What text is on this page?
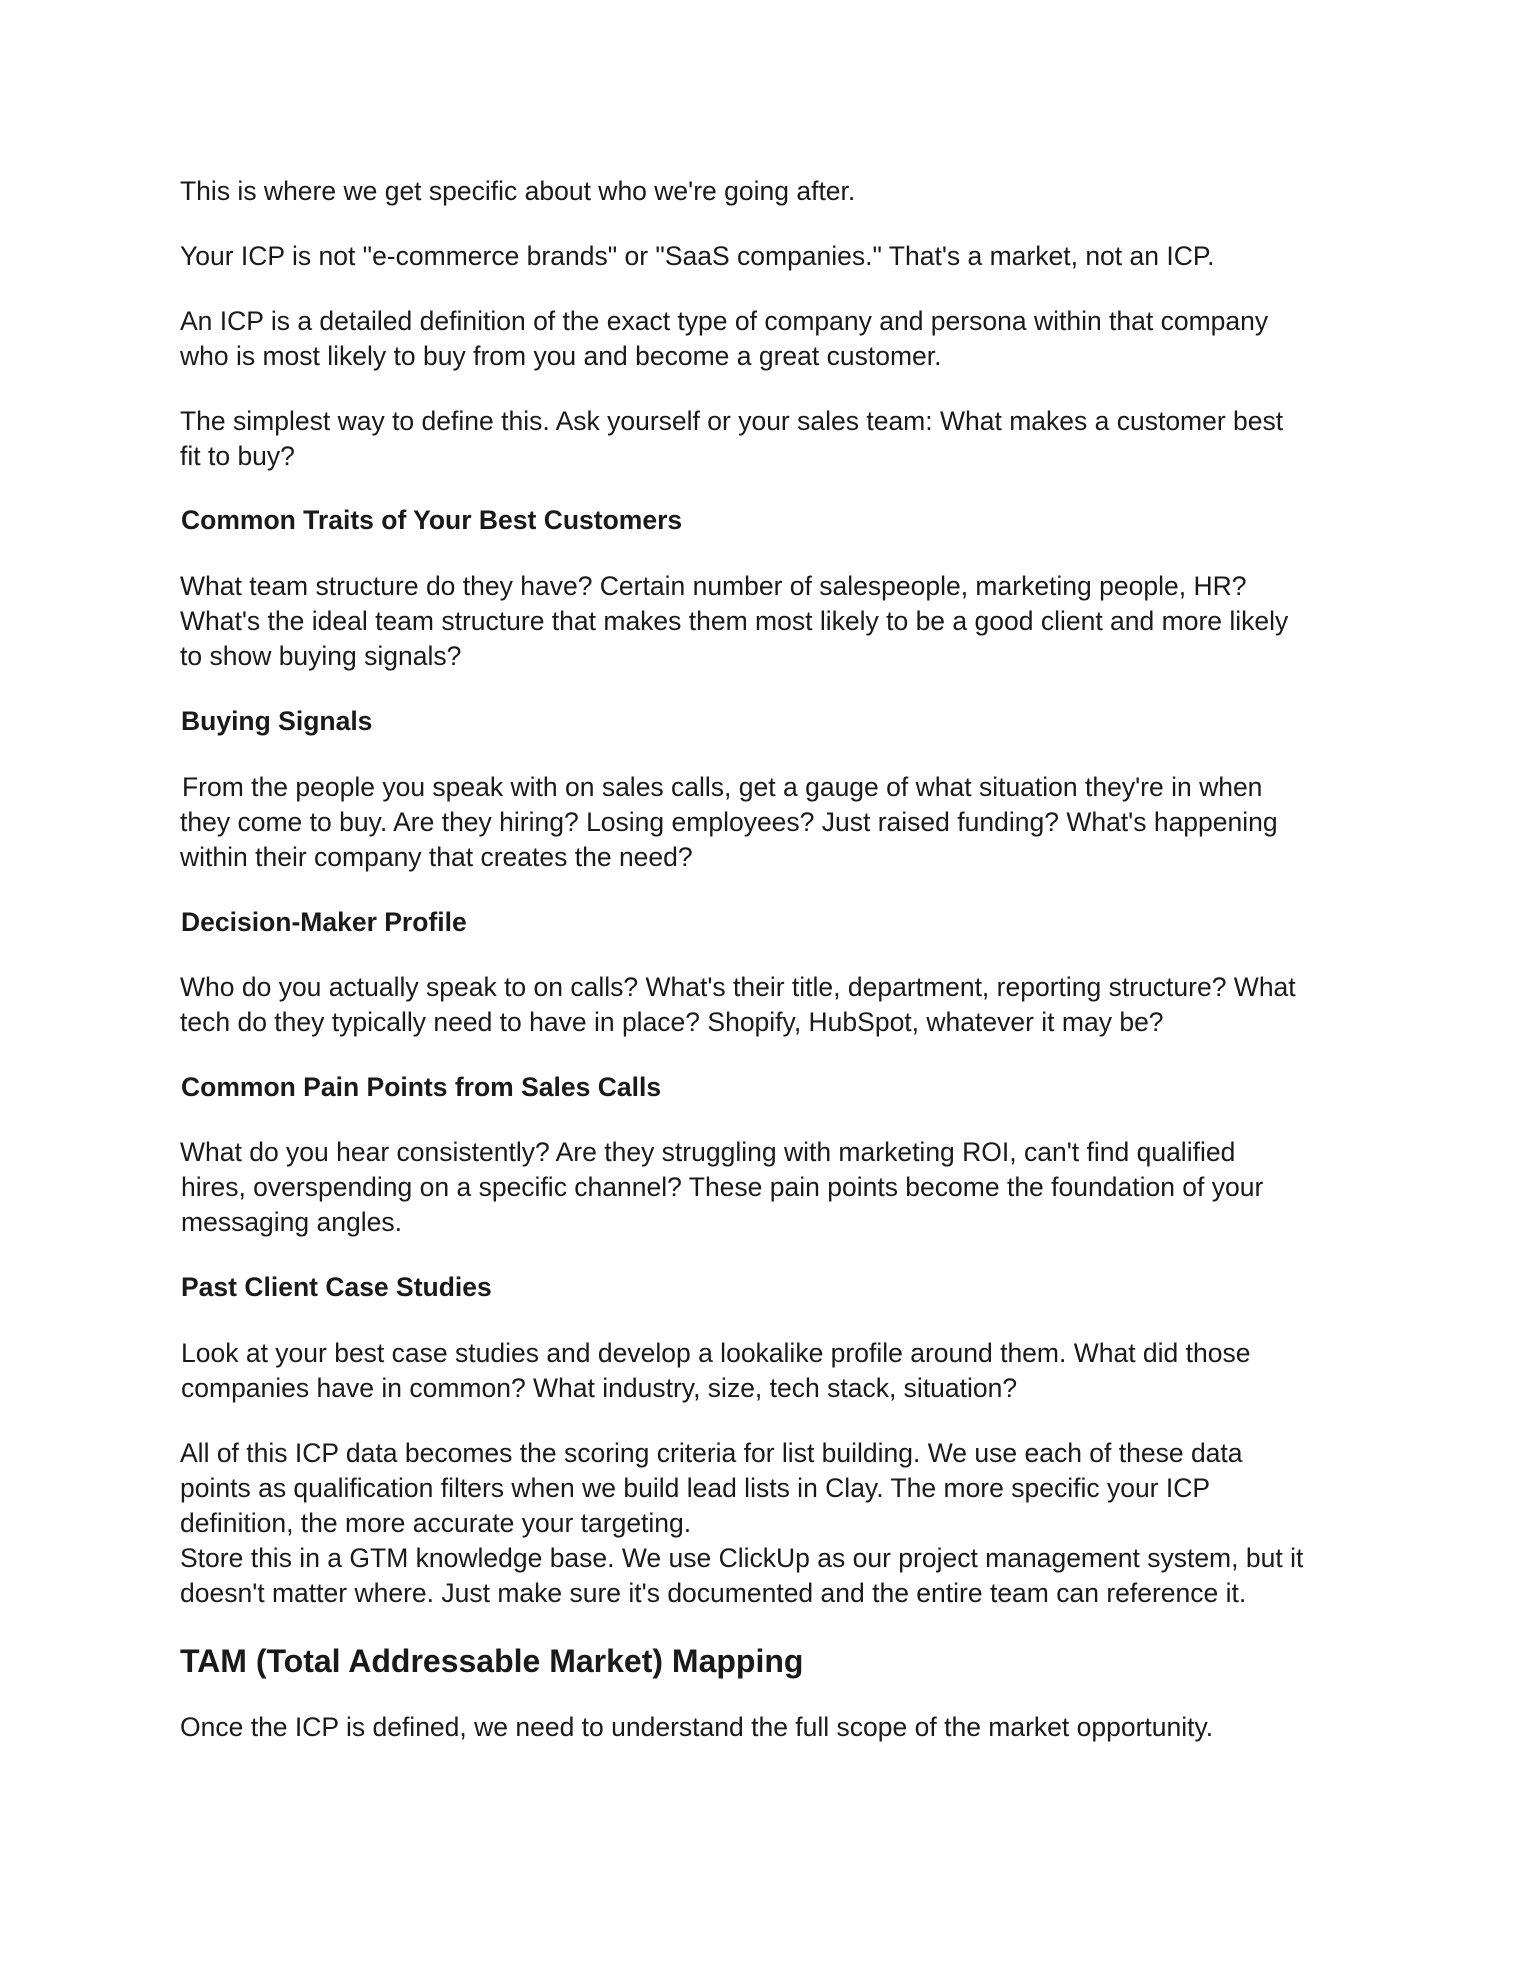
This is where we get specific about who we're going after.

Your ICP is not "e-commerce brands" or "SaaS companies." That's a market, not an ICP.

An ICP is a detailed definition of the exact type of company and persona within that company
who is most likely to buy from you and become a great customer.

The simplest way to define this. Ask yourself or your sales team: What makes a customer best
fit to buy?

Common Traits of Your Best Customers

What team structure do they have? Certain number of salespeople, marketing people, HR?
What's the ideal team structure that makes them most likely to be a good client and more likely
to show buying signals?

Buying Signals

From the people you speak with on sales calls, get a gauge of what situation they're in when
they come to buy. Are they hiring? Losing employees? Just raised funding? What's happening
within their company that creates the need?

Decision-Maker Profile

Who do you actually speak to on calls? What's their title, department, reporting structure? What
tech do they typically need to have in place? Shopify, HubSpot, whatever it may be?

Common Pain Points from Sales Calls

What do you hear consistently? Are they struggling with marketing ROI, can't find qualified
hires, overspending on a specific channel? These pain points become the foundation of your
messaging angles.

Past Client Case Studies

Look at your best case studies and develop a lookalike profile around them. What did those
companies have in common? What industry, size, tech stack, situation?

All of this ICP data becomes the scoring criteria for list building. We use each of these data
points as qualification filters when we build lead lists in Clay. The more specific your ICP
definition, the more accurate your targeting.
Store this in a GTM knowledge base. We use ClickUp as our project management system, but it
doesn't matter where. Just make sure it's documented and the entire team can reference it.

TAM (Total Addressable Market) Mapping

Once the ICP is defined, we need to understand the full scope of the market opportunity.
